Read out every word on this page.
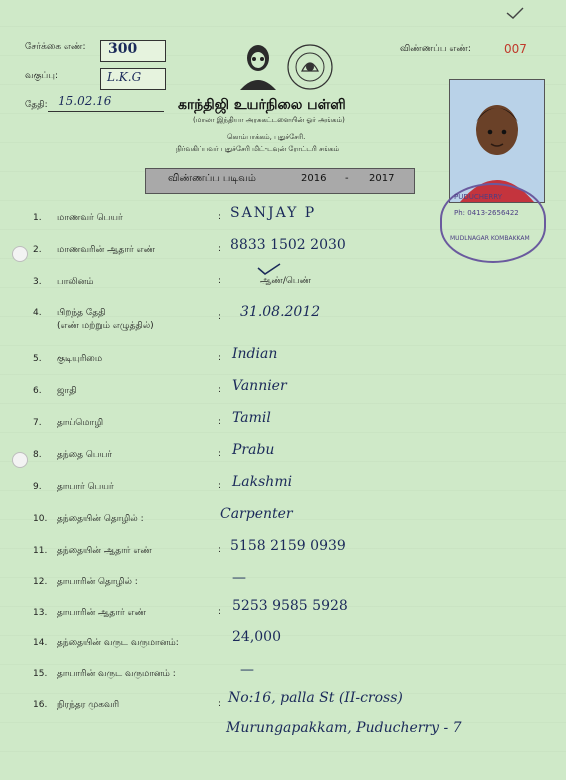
சேர்க்கை எண்: 300
வகுப்பு:	L.K.G
தேதி: 15.02.16
விண்ணப்ப எண்:	007
காந்திஜி உயர்நிலை பள்ளி
(மாலா இந்தியா அரசுகட்டளையின் ஓர் அங்கம்)
கொம்பாக்கம், புதுச்சேரி.
நிர்வகிப்பவர் புதுச்சேரி மிட்-டவுன் ரோட்டரி சங்கம்
விண்ணப்ப படிவம்	2016 - 2017
PUDUCHERRY
Ph: 0413-2656422
MUDLNAGAR KOMBAKKAM
1.	மாணவர் பெயர்	: SANJAY P
2.	மாணவரின் ஆதார் எண்	: 8833 1502 2030
3.	பாலினம்	:	ஆண்/பெண்
4.	பிறந்த தேதி
(எண் மற்றும் எழுத்தில்)
: 31.08.2012
5.	குடியுரிமை	: Indian
6.	ஜாதி	: Vannier
7.	தாய்மொழி	: Tamil
8.	தந்தை பெயர்	: Prabu
9.	தாயார் பெயர்	: Lakshmi
10.	தந்தையின் தொழில் :	Carpenter
11.	தந்தையின் ஆதார் எண்	: 5158 2159 0939
12.	தாயாரின் தொழில் :	—
13.	தாயாரின் ஆதார் எண்	: 5253 9585 5928
14.	தந்தையின் வருட வருமானம்:	24,000
15.	தாயாரின் வருட வருமானம் :	—
16.	நிரந்தர முகவரி	: No:16, palla St (II-cross)
Murungapakkam, Puducherry - 7
